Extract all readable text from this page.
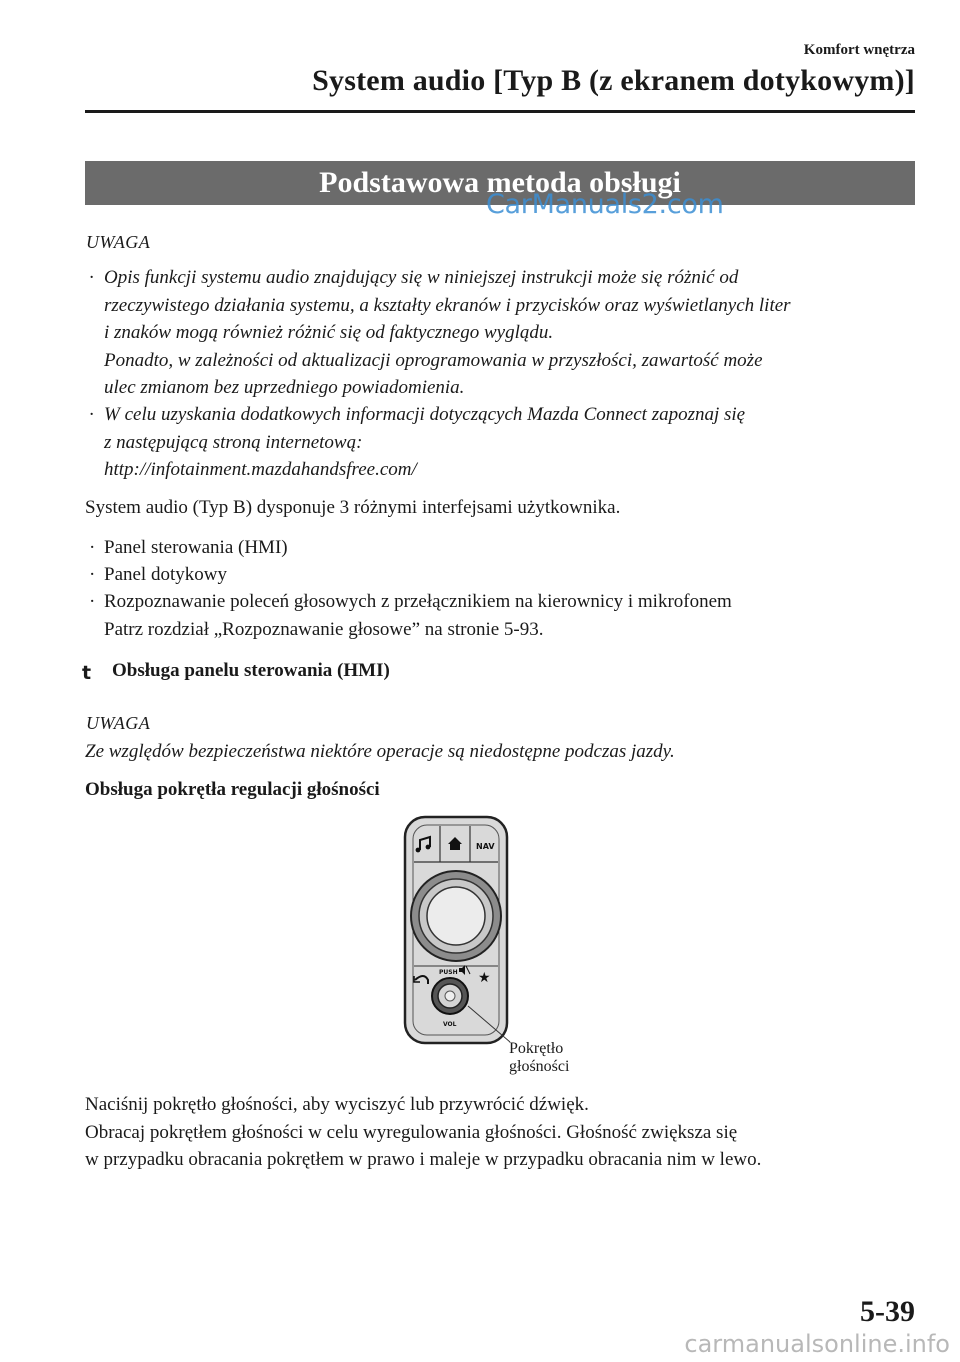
Komfort wnętrza
System audio [Typ B (z ekranem dotykowym)]
Podstawowa metoda obsługi
CarManuals2.com
UWAGA
· Opis funkcji systemu audio znajdujący się w niniejszej instrukcji może się różnić od
rzeczywistego działania systemu, a kształty ekranów i przycisków oraz wyświetlanych liter
i znaków mogą również różnić się od faktycznego wyglądu.
Ponadto, w zależności od aktualizacji oprogramowania w przyszłości, zawartość może
ulec zmianom bez uprzedniego powiadomienia.
· W celu uzyskania dodatkowych informacji dotyczących Mazda Connect zapoznaj się
z następującą stroną internetową:
http://infotainment.mazdahandsfree.com/
System audio (Typ B) dysponuje 3 różnymi interfejsami użytkownika.
· Panel sterowania (HMI)
· Panel dotykowy
· Rozpoznawanie poleceń głosowych z przełącznikiem na kierownicy i mikrofonem
Patrz rozdział „Rozpoznawanie głosowe” na stronie 5-93.
t Obsługa panelu sterowania (HMI)
UWAGA
Ze względów bezpieczeństwa niektóre operacje są niedostępne podczas jazdy.
Obsługa pokrętła regulacji głośności
NAV
PUSH ★
VOL
Pokrętło
głośności
Naciśnij pokrętło głośności, aby wyciszyć lub przywrócić dźwięk.
Obracaj pokrętłem głośności w celu wyregulowania głośności. Głośność zwiększa się
w przypadku obracania pokrętłem w prawo i maleje w przypadku obracania nim w lewo.
5-39
carmanualsonline.info
